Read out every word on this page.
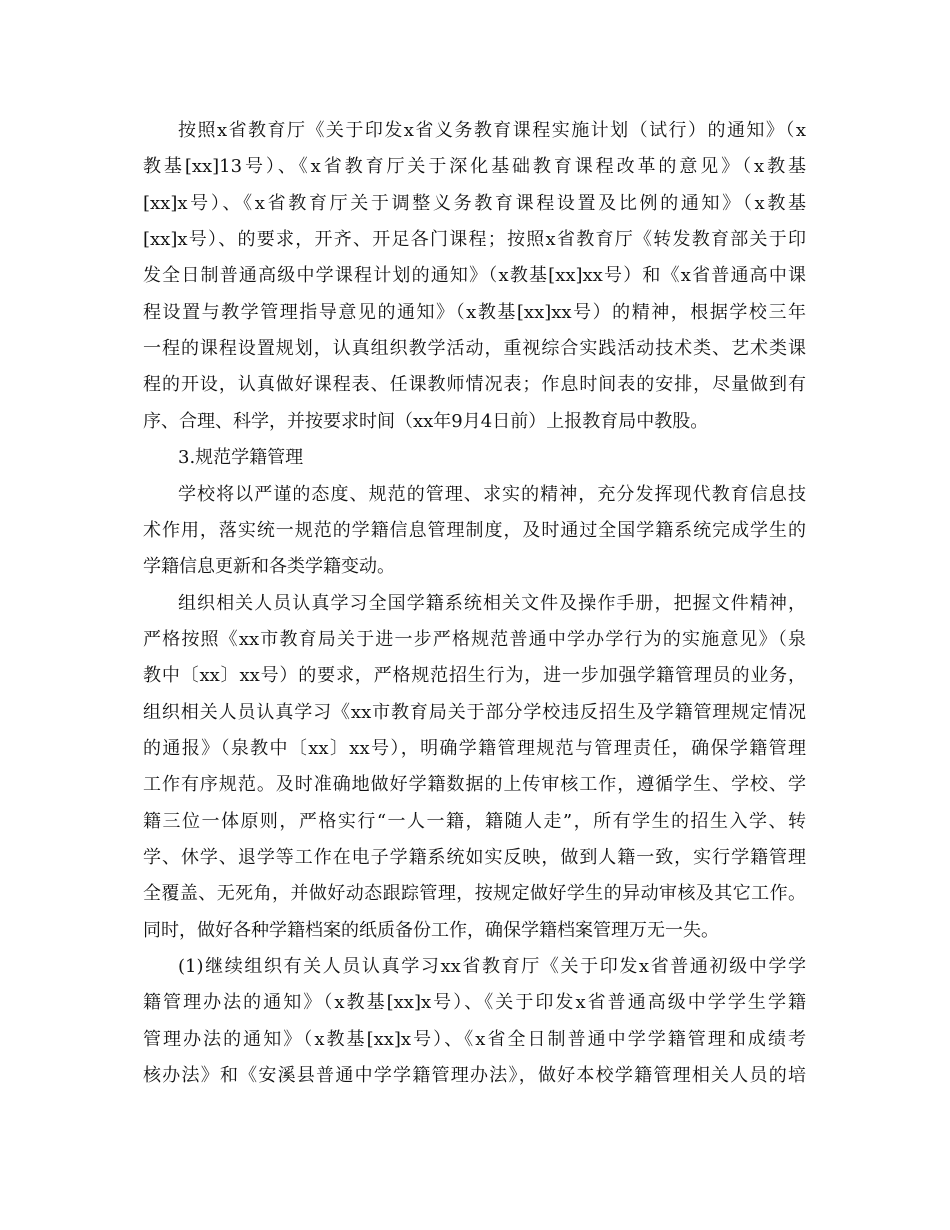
按照x省教育厅《关于印发x省义务教育课程实施计划（试行）的通知》（x
教基[xx]13号）、《x省教育厅关于深化基础教育课程改革的意见》（x教基
[xx]x号）、《x省教育厅关于调整义务教育课程设置及比例的通知》（x教基
[xx]x号）、的要求，开齐、开足各门课程；按照x省教育厅《转发教育部关于印
发全日制普通高级中学课程计划的通知》（x教基[xx]xx号）和《x省普通高中课
程设置与教学管理指导意见的通知》（x教基[xx]xx号）的精神，根据学校三年
一程的课程设置规划，认真组织教学活动，重视综合实践活动技术类、艺术类课
程的开设，认真做好课程表、任课教师情况表；作息时间表的安排，尽量做到有
序、合理、科学，并按要求时间（xx年9月4日前）上报教育局中教股。
3.规范学籍管理
学校将以严谨的态度、规范的管理、求实的精神，充分发挥现代教育信息技
术作用，落实统一规范的学籍信息管理制度，及时通过全国学籍系统完成学生的
学籍信息更新和各类学籍变动。
组织相关人员认真学习全国学籍系统相关文件及操作手册，把握文件精神，
严格按照《xx市教育局关于进一步严格规范普通中学办学行为的实施意见》（泉
教中〔xx〕xx号）的要求，严格规范招生行为，进一步加强学籍管理员的业务，
组织相关人员认真学习《xx市教育局关于部分学校违反招生及学籍管理规定情况
的通报》（泉教中〔xx〕xx号），明确学籍管理规范与管理责任，确保学籍管理
工作有序规范。及时准确地做好学籍数据的上传审核工作，遵循学生、学校、学
籍三位一体原则，严格实行“一人一籍，籍随人走”，所有学生的招生入学、转
学、休学、退学等工作在电子学籍系统如实反映，做到人籍一致，实行学籍管理
全覆盖、无死角，并做好动态跟踪管理，按规定做好学生的异动审核及其它工作。
同时，做好各种学籍档案的纸质备份工作，确保学籍档案管理万无一失。
(1)继续组织有关人员认真学习xx省教育厅《关于印发x省普通初级中学学
籍管理办法的通知》（x教基[xx]x号）、《关于印发x省普通高级中学学生学籍
管理办法的通知》（x教基[xx]x号）、《x省全日制普通中学学籍管理和成绩考
核办法》和《安溪县普通中学学籍管理办法》，做好本校学籍管理相关人员的培
